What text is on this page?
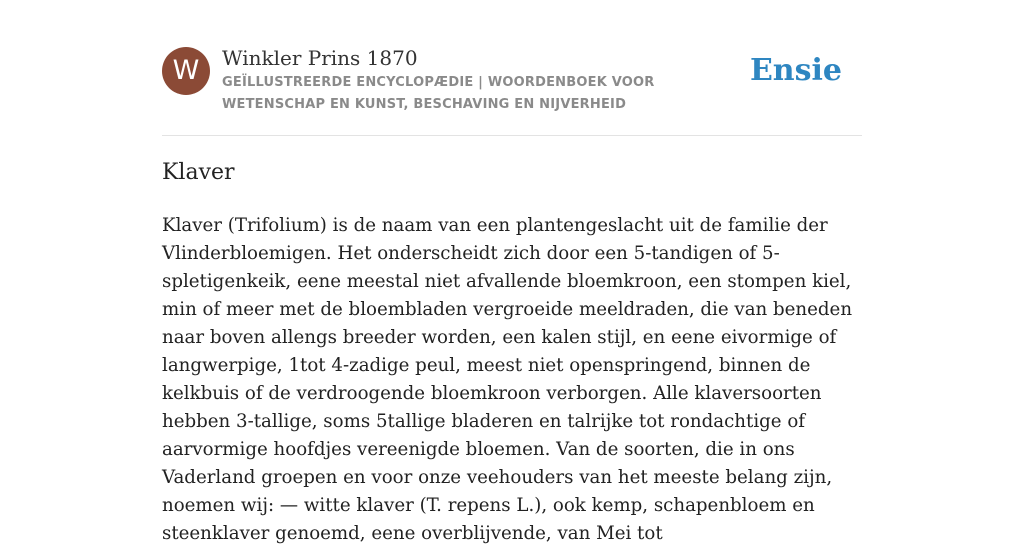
W	Winkler Prins 1870
GEÏLLUSTREERDE ENCYCLOPÆDIE | WOORDENBOEK VOOR WETENSCHAP EN KUNST, BESCHAVING EN NIJVERHEID
Ensie
Klaver

Klaver (Trifolium) is de naam van een plantengeslacht uit de familie der Vlinderbloemigen. Het onderscheidt zich door een 5-tandigen of 5-spletigenkeik, eene meestal niet afvallende bloemkroon, een stompen kiel, min of meer met de bloembladen vergroeide meeldraden, die van beneden naar boven allengs breeder worden, een kalen stijl, en eene eivormige of langwerpige, 1tot 4-zadige peul, meest niet openspringend, binnen de kelkbuis of de verdroogende bloemkroon verborgen. Alle klaversoorten hebben 3-tallige, soms 5tallige bladeren en talrijke tot rondachtige of aarvormige hoofdjes vereenigde bloemen. Van de soorten, die in ons Vaderland groepen en voor onze veehouders van het meeste belang zijn, noemen wij: — witte klaver (T. repens L.), ook kemp, schapenbloem en steenklaver genoemd, eene overblijvende, van Mei tot
